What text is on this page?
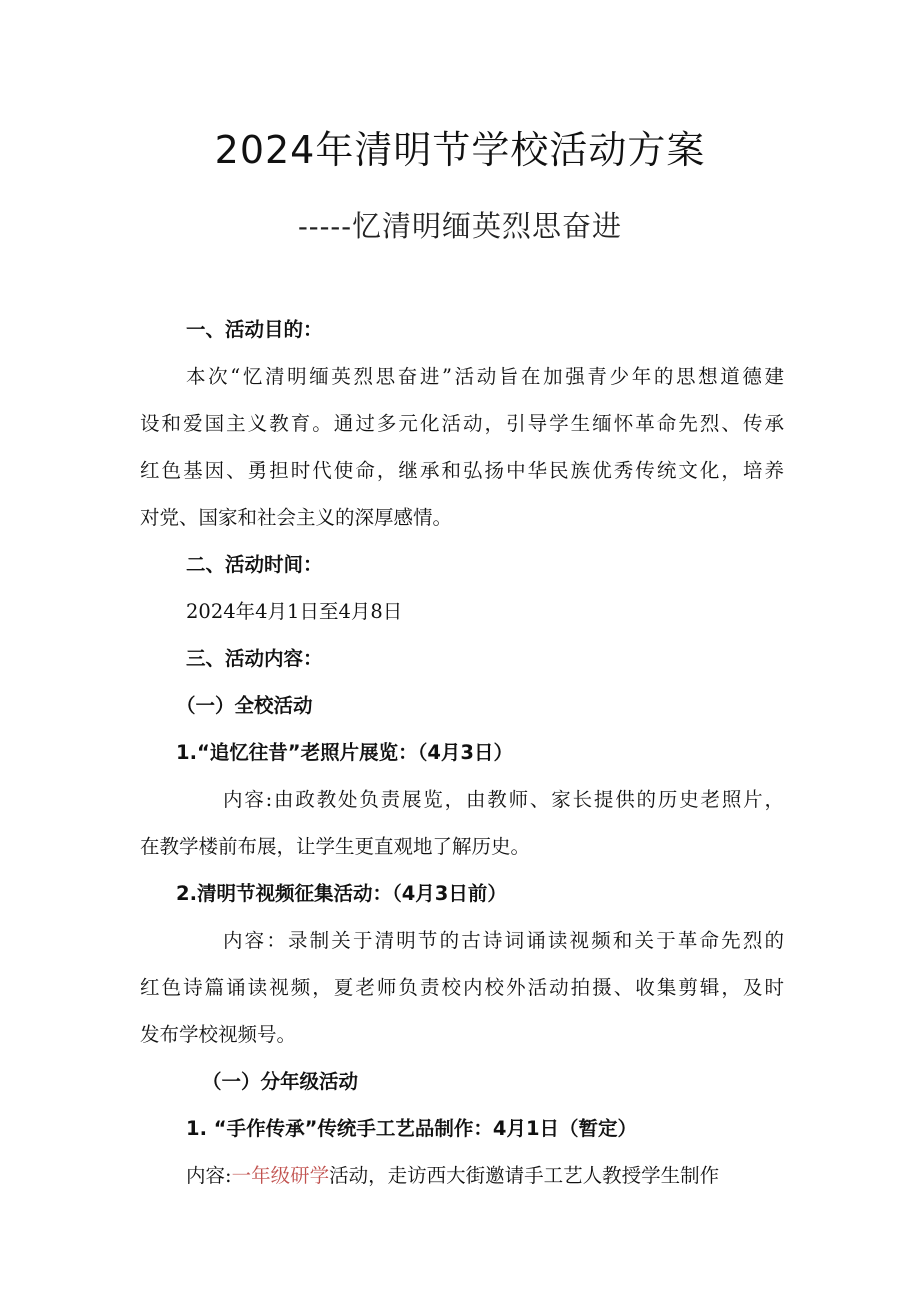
2024年清明节学校活动方案
-----忆清明缅英烈思奋进
一、活动目的：
本次“忆清明缅英烈思奋进”活动旨在加强青少年的思想道德建
设和爱国主义教育。通过多元化活动，引导学生缅怀革命先烈、传承
红色基因、勇担时代使命，继承和弘扬中华民族优秀传统文化，培养
对党、国家和社会主义的深厚感情。
二、活动时间：
2024年4月1日至4月8日
三、活动内容：
（一）全校活动
1.“追忆往昔”老照片展览：（4月3日）
内容:由政教处负责展览，由教师、家长提供的历史老照片，
在教学楼前布展，让学生更直观地了解历史。
2.清明节视频征集活动：（4月3日前）
内容：录制关于清明节的古诗词诵读视频和关于革命先烈的
红色诗篇诵读视频，夏老师负责校内校外活动拍摄、收集剪辑，及时
发布学校视频号。
（一）分年级活动
1. “手作传承”传统手工艺品制作：4月1日（暂定）
内容:一年级研学活动，走访西大街邀请手工艺人教授学生制作
